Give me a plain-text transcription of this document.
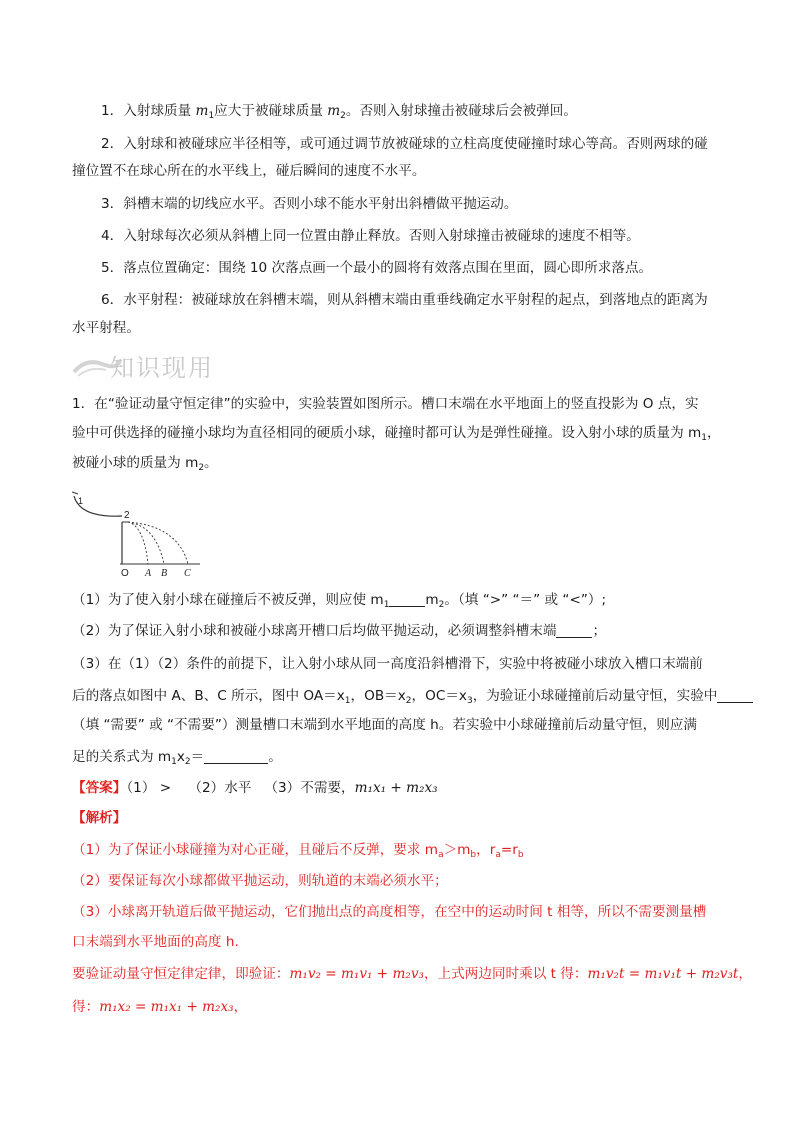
1．入射球质量 $m_1$应大于被碰球质量 $m_2$。否则入射球撞击被碰球后会被弹回。
2．入射球和被碰球应半径相等，或可通过调节放被碰球的立柱高度使碰撞时球心等高。否则两球的碰
撞位置不在球心所在的水平线上，碰后瞬间的速度不水平。
3．斜槽末端的切线应水平。否则小球不能水平射出斜槽做平抛运动。
4．入射球每次必须从斜槽上同一位置由静止释放。否则入射球撞击被碰球的速度不相等。
5．落点位置确定：围绕 10 次落点画一个最小的圆将有效落点围在里面，圆心即所求落点。
6．水平射程：被碰球放在斜槽末端，则从斜槽末端由重垂线确定水平射程的起点，到落地点的距离为
水平射程。
知识现用
1．在“验证动量守恒定律”的实验中，实验装置如图所示。槽口末端在水平地面上的竖直投影为 O 点，实
验中可供选择的碰撞小球均为直径相同的硬质小球，碰撞时都可认为是弹性碰撞。设入射小球的质量为 $m_1$，
被碰小球的质量为 $m_2$。
1
2
O A B C
（1）为了使入射小球在碰撞后不被反弹，则应使 $m_1$	$m_2$。（填 “>” “＝” 或 “<”）;
（2）为了保证入射小球和被碰小球离开槽口后均做平抛运动，必须调整斜槽末端	；
（3）在（1）（2）条件的前提下，让入射小球从同一高度沿斜槽滑下，实验中将被碰小球放入槽口末端前
后的落点如图中 A、B、C 所示，图中 $OA=x_1$，$OB=x_2$，$OC=x_3$，为验证小球碰撞前后动量守恒，实验中
（填 “需要” 或 “不需要”）测量槽口末端到水平地面的高度 h。若实验中小球碰撞前后动量守恒，则应满
足的关系式为 $m_1x_2=$	。
【答案】（1） > （2）水平 （3）不需要，m₁x₁ + m₂x₃
【解析】
（1）为了保证小球碰撞为对心正碰，且碰后不反弹，要求 $m_a>m_b$，$r_a=r_b$
（2）要保证每次小球都做平抛运动，则轨道的末端必须水平；
（3）小球离开轨道后做平抛运动，它们抛出点的高度相等，在空中的运动时间 t 相等，所以不需要测量槽
口末端到水平地面的高度 h.
要验证动量守恒定律定律，即验证：m₁v₂ = m₁v₁ + m₂v₃，上式两边同时乘以 t 得：m₁v₂t = m₁v₁t + m₂v₃t，
得：m₁x₂ = m₁x₁ + m₂x₃，
